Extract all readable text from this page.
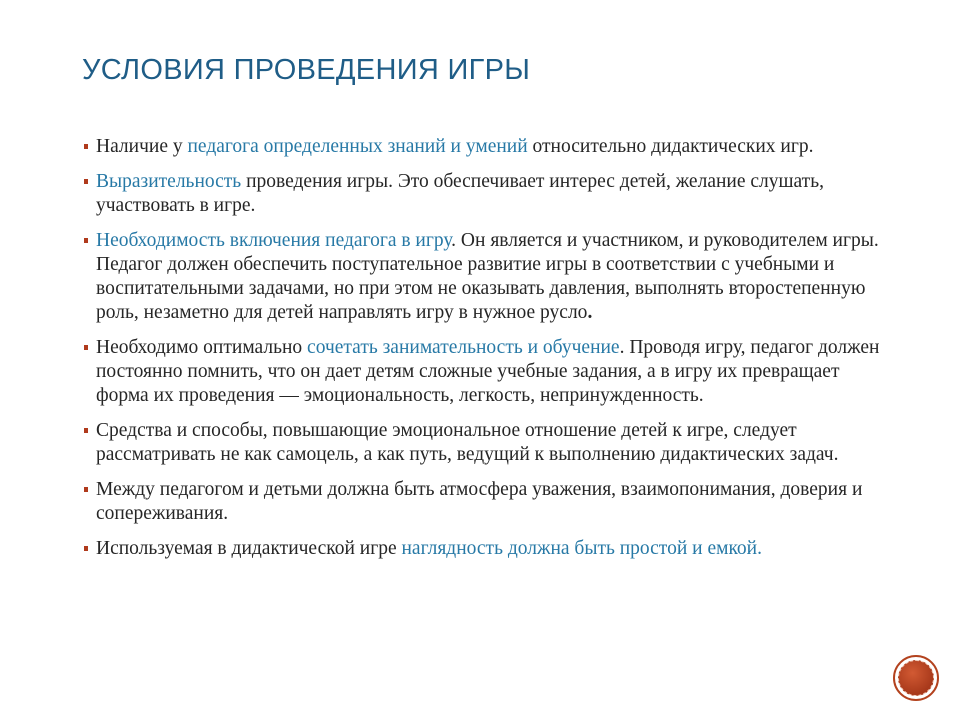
УСЛОВИЯ ПРОВЕДЕНИЯ ИГРЫ
Наличие у педагога определенных знаний и умений относительно дидактических игр.
Выразительность проведения игры. Это обеспечивает интерес детей, желание слушать, участвовать в игре.
Необходимость включения педагога в игру. Он является и участником, и руководителем игры. Педагог должен обеспечить поступательное развитие игры в соответствии с учебными и воспитательными задачами, но при этом не оказывать давления, выполнять второстепенную роль, незаметно для детей направлять игру в нужное русло.
Необходимо оптимально сочетать занимательность и обучение. Проводя игру, педагог должен постоянно помнить, что он дает детям сложные учебные задания, а в игру их превращает форма их проведения — эмоциональность, легкость, непринужденность.
Средства и способы, повышающие эмоциональное отношение детей к игре, следует рассматривать не как самоцель, а как путь, ведущий к выполнению дидактических задач.
Между педагогом и детьми должна быть атмосфера уважения, взаимопонимания, доверия и сопереживания.
Используемая в дидактической игре наглядность должна быть простой и емкой.
